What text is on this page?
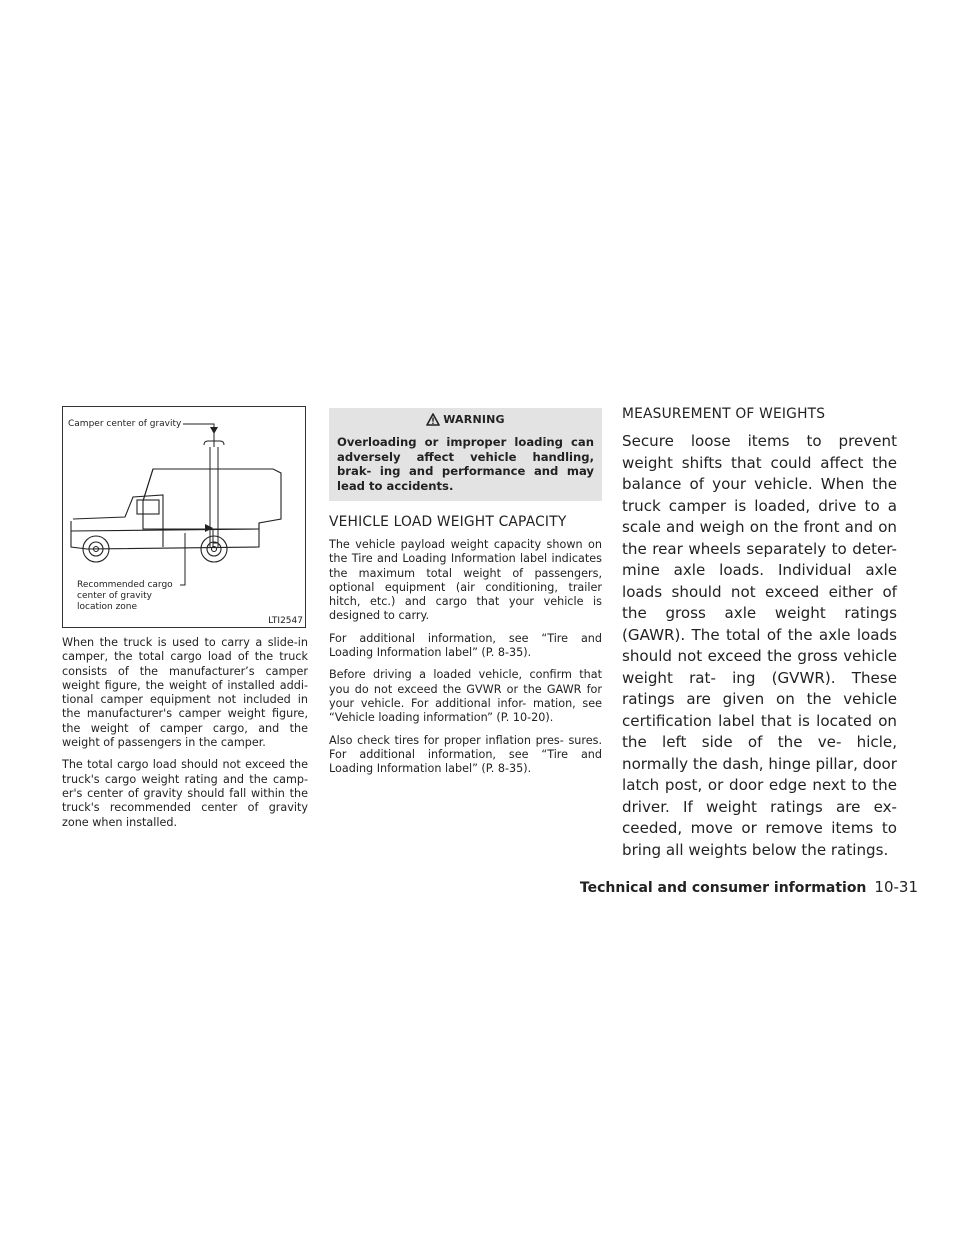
Camper center of gravity
Recommended cargo
center of gravity
location zone
LTI2547

When the truck is used to carry a slide-in camper, the total cargo load of the truck consists of the manufacturer’s camper weight figure, the weight of installed addi- tional camper equipment not included in the manufacturer's camper weight figure, the weight of camper cargo, and the weight of passengers in the camper.

The total cargo load should not exceed the truck's cargo weight rating and the camp- er's center of gravity should fall within the truck's recommended center of gravity zone when installed.

WARNING
Overloading or improper loading can adversely affect vehicle handling, brak- ing and performance and may lead to accidents.
VEHICLE LOAD WEIGHT CAPACITY

The vehicle payload weight capacity shown on the Tire and Loading Information label indicates the maximum total weight of passengers, optional equipment (air conditioning, trailer hitch, etc.) and cargo that your vehicle is designed to carry.

For additional information, see “Tire and Loading Information label” (P. 8-35).

Before driving a loaded vehicle, confirm that you do not exceed the GVWR or the GAWR for your vehicle. For additional infor- mation, see “Vehicle loading information” (P. 10-20).

Also check tires for proper inflation pres- sures. For additional information, see “Tire and Loading Information label” (P. 8-35).

MEASUREMENT OF WEIGHTS

Secure loose items to prevent weight shifts that could affect the balance of your vehicle. When the truck camper is loaded, drive to a scale and weigh on the front and on the rear wheels separately to deter- mine axle loads. Individual axle loads should not exceed either of the gross axle weight ratings (GAWR). The total of the axle loads should not exceed the gross vehicle weight rat- ing (GVWR). These ratings are given on the vehicle certification label that is located on the left side of the ve- hicle, normally the dash, hinge pillar, door latch post, or door edge next to the driver. If weight ratings are ex- ceeded, move or remove items to bring all weights below the ratings.

Technical and consumer information 10-31
